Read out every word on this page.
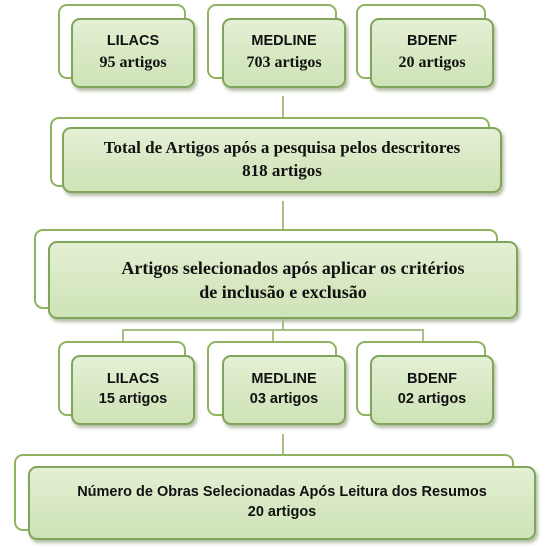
LILACS
95 artigos
MEDLINE
703 artigos
BDENF
20 artigos
Total de Artigos após a pesquisa pelos descritores
818 artigos
Artigos selecionados após aplicar os critérios
de inclusão e exclusão
LILACS
15 artigos
MEDLINE
03 artigos
BDENF
02 artigos
Número de Obras Selecionadas Após Leitura dos Resumos
20 artigos
